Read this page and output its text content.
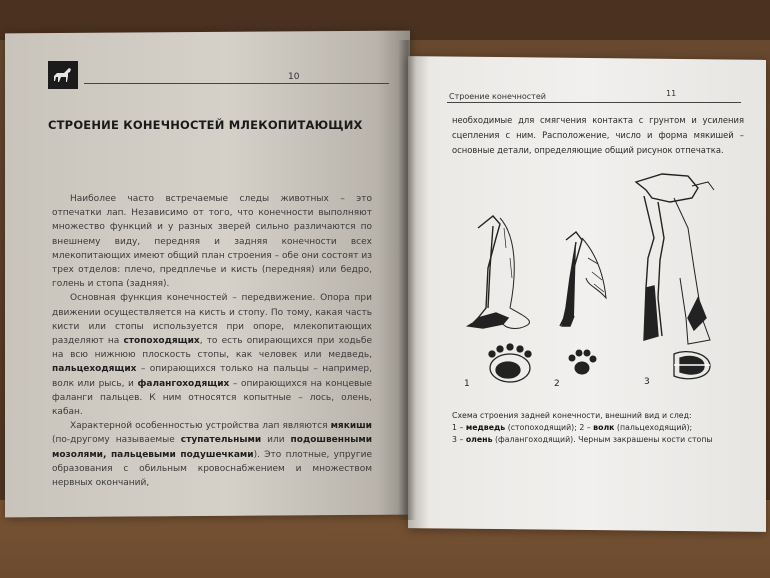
10
СТРОЕНИЕ КОНЕЧНОСТЕЙ МЛЕКОПИТАЮЩИХ

Наиболее часто встречаемые следы животных – это отпечатки лап. Независимо от того, что конечности выполняют множество функций и у разных зверей сильно различаются по внешнему виду, передняя и задняя конечности всех млекопитающих имеют общий план строения – обе они состоят из трех отделов: плечо, предплечье и кисть (передняя) или бедро, голень и стопа (задняя).

Основная функция конечностей – передвижение. Опора при движении осуществляется на кисть и стопу. По тому, какая часть кисти или стопы используется при опоре, млекопитающих разделяют на стопоходящих, то есть опирающихся при ходьбе на всю нижнюю плоскость стопы, как человек или медведь, пальцеходящих – опирающихся только на пальцы – например, волк или рысь, и фалангоходящих – опирающихся на концевые фаланги пальцев. К ним относятся копытные – лось, олень, кабан.

Характерной особенностью устройства лап являются мякиши (по-другому называемые ступательными или подошвенными мозолями, пальцевыми подушечками). Это плотные, упругие образования с обильным кровоснабжением и множеством нервных окончаний,

Строение конечностей	11
необходимые для смягчения контакта с грунтом и усиления сцепления с ним. Расположение, число и форма мякишей – основные детали, определяющие общий рисунок отпечатка.
1	2	3
Схема строения задней конечности, внешний вид и след:
1 – медведь (стопоходящий); 2 – волк (пальцеходящий);
3 – олень (фалангоходящий). Черным закрашены кости стопы
